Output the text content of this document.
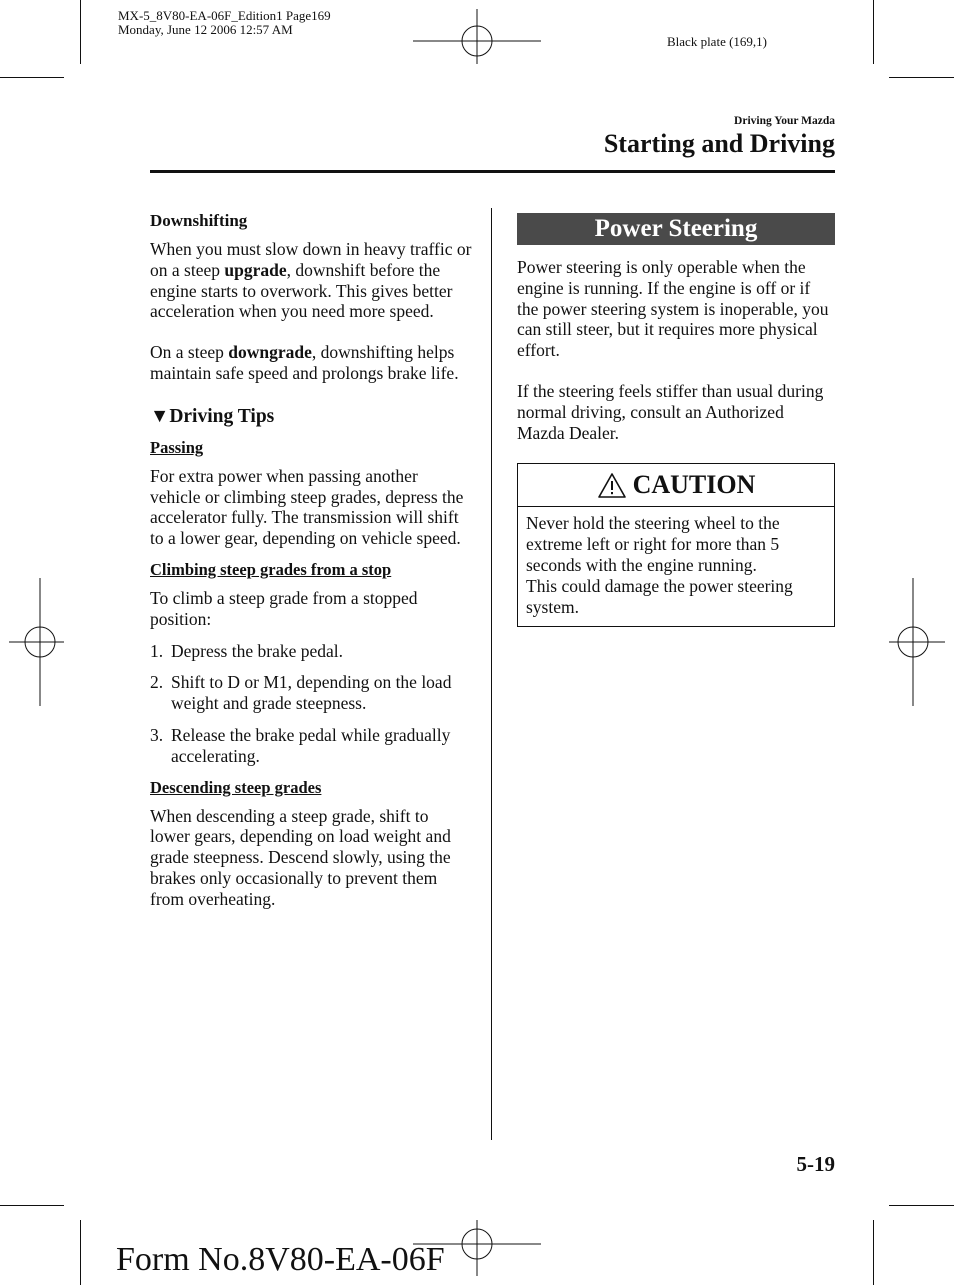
MX-5_8V80-EA-06F_Edition1 Page169
Monday, June 12 2006 12:57 AM
Black plate (169,1)
Driving Your Mazda
Starting and Driving
Downshifting

When you must slow down in heavy traffic or on a steep upgrade, downshift before the engine starts to overwork. This gives better acceleration when you need more speed.

On a steep downgrade, downshifting helps maintain safe speed and prolongs brake life.

▼Driving Tips
Passing

For extra power when passing another vehicle or climbing steep grades, depress the accelerator fully. The transmission will shift to a lower gear, depending on vehicle speed.

Climbing steep grades from a stop

To climb a steep grade from a stopped position:

1. Depress the brake pedal.
2. Shift to D or M1, depending on the load weight and grade steepness.
3. Release the brake pedal while gradually accelerating.
Descending steep grades

When descending a steep grade, shift to lower gears, depending on load weight and grade steepness. Descend slowly, using the brakes only occasionally to prevent them from overheating.

Power Steering

Power steering is only operable when the engine is running. If the engine is off or if the power steering system is inoperable, you can still steer, but it requires more physical effort.

If the steering feels stiffer than usual during normal driving, consult an Authorized Mazda Dealer.

CAUTION
Never hold the steering wheel to the extreme left or right for more than 5 seconds with the engine running.
This could damage the power steering system.
5-19
Form No.8V80-EA-06F
